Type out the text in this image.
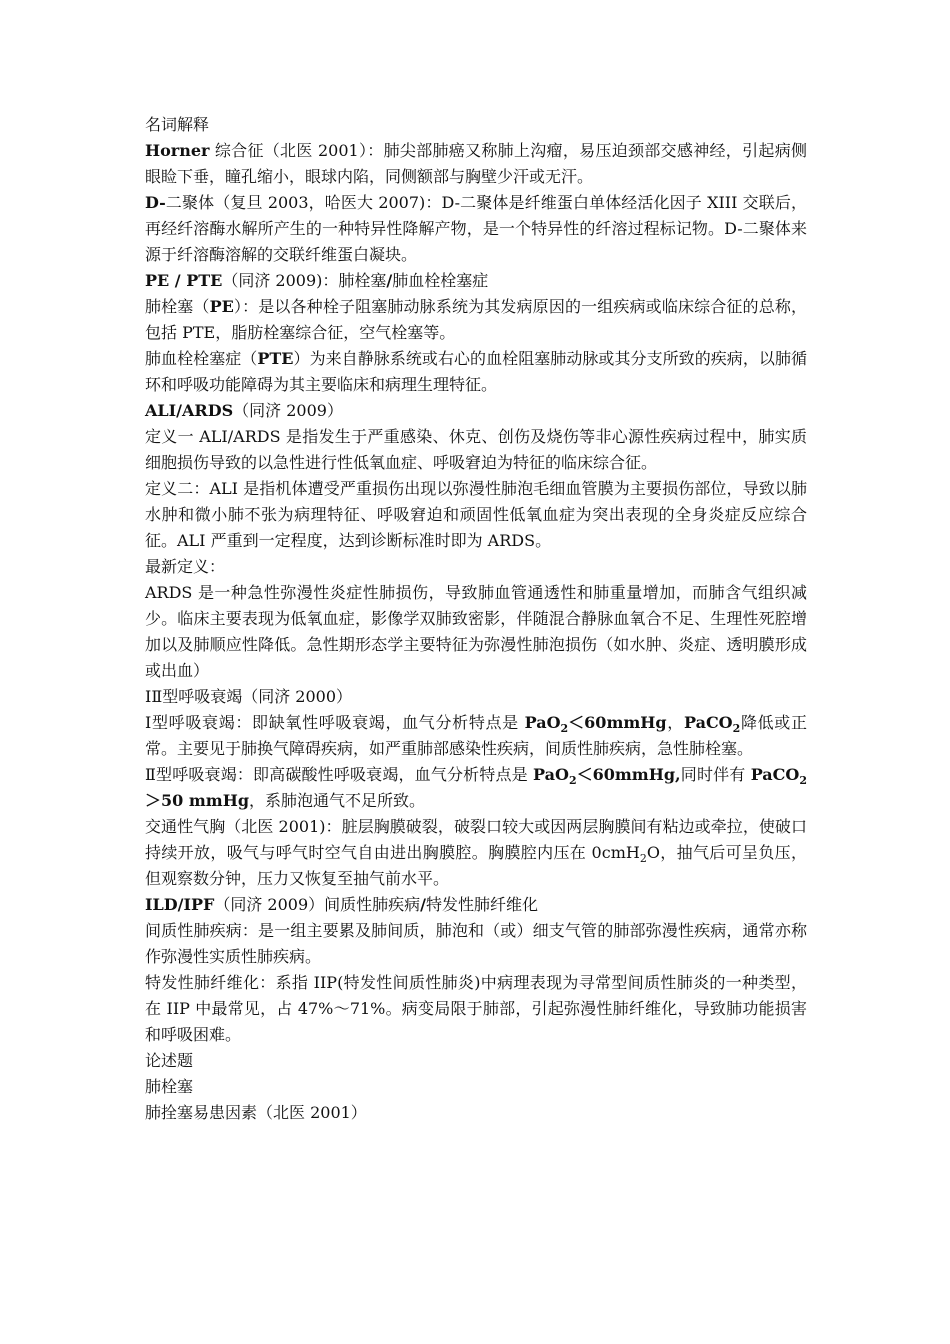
名词解释

Horner 综合征（北医 2001）：肺尖部肺癌又称肺上沟瘤，易压迫颈部交感神经，引起病侧眼睑下垂，瞳孔缩小，眼球内陷，同侧额部与胸壁少汗或无汗。

D-二聚体（复旦 2003，哈医大 2007)：D-二聚体是纤维蛋白单体经活化因子 XIII 交联后，再经纤溶酶水解所产生的一种特异性降解产物，是一个特异性的纤溶过程标记物。D-二聚体来源于纤溶酶溶解的交联纤维蛋白凝块。

PE / PTE（同济 2009)：肺栓塞/肺血栓栓塞症

肺栓塞（PE）：是以各种栓子阻塞肺动脉系统为其发病原因的一组疾病或临床综合征的总称，包括 PTE，脂肪栓塞综合征，空气栓塞等。

肺血栓栓塞症（PTE）为来自静脉系统或右心的血栓阻塞肺动脉或其分支所致的疾病，以肺循环和呼吸功能障碍为其主要临床和病理生理特征。

ALI/ARDS（同济 2009）

定义一 ALI/ARDS 是指发生于严重感染、休克、创伤及烧伤等非心源性疾病过程中，肺实质细胞损伤导致的以急性进行性低氧血症、呼吸窘迫为特征的临床综合征。

定义二：ALI 是指机体遭受严重损伤出现以弥漫性肺泡毛细血管膜为主要损伤部位，导致以肺水肿和微小肺不张为病理特征、呼吸窘迫和顽固性低氧血症为突出表现的全身炎症反应综合征。ALI 严重到一定程度，达到诊断标准时即为 ARDS。

最新定义：

ARDS 是一种急性弥漫性炎症性肺损伤，导致肺血管通透性和肺重量增加，而肺含气组织减少。临床主要表现为低氧血症，影像学双肺致密影，伴随混合静脉血氧合不足、生理性死腔增加以及肺顺应性降低。急性期形态学主要特征为弥漫性肺泡损伤（如水肿、炎症、透明膜形成或出血）

ⅠⅡ型呼吸衰竭（同济 2000）

Ⅰ型呼吸衰竭：即缺氧性呼吸衰竭，血气分析特点是 PaO$_2$＜60mmHg，PaCO$_2$降低或正常。主要见于肺换气障碍疾病，如严重肺部感染性疾病，间质性肺疾病，急性肺栓塞。

Ⅱ型呼吸衰竭：即高碳酸性呼吸衰竭，血气分析特点是 PaO$_2$＜60mmHg,同时伴有 PaCO$_2$＞50 mmHg，系肺泡通气不足所致。

交通性气胸（北医 2001)：脏层胸膜破裂，破裂口较大或因两层胸膜间有粘边或牵拉，使破口持续开放，吸气与呼气时空气自由进出胸膜腔。胸膜腔内压在 0cmH$_2$O，抽气后可呈负压，但观察数分钟，压力又恢复至抽气前水平。

ILD/IPF（同济 2009）间质性肺疾病/特发性肺纤维化

间质性肺疾病：是一组主要累及肺间质，肺泡和（或）细支气管的肺部弥漫性疾病，通常亦称作弥漫性实质性肺疾病。

特发性肺纤维化：系指 IIP(特发性间质性肺炎)中病理表现为寻常型间质性肺炎的一种类型，在 IIP 中最常见，占 47%～71%。病变局限于肺部，引起弥漫性肺纤维化，导致肺功能损害和呼吸困难。

论述题

肺栓塞

肺拴塞易患因素（北医 2001）
